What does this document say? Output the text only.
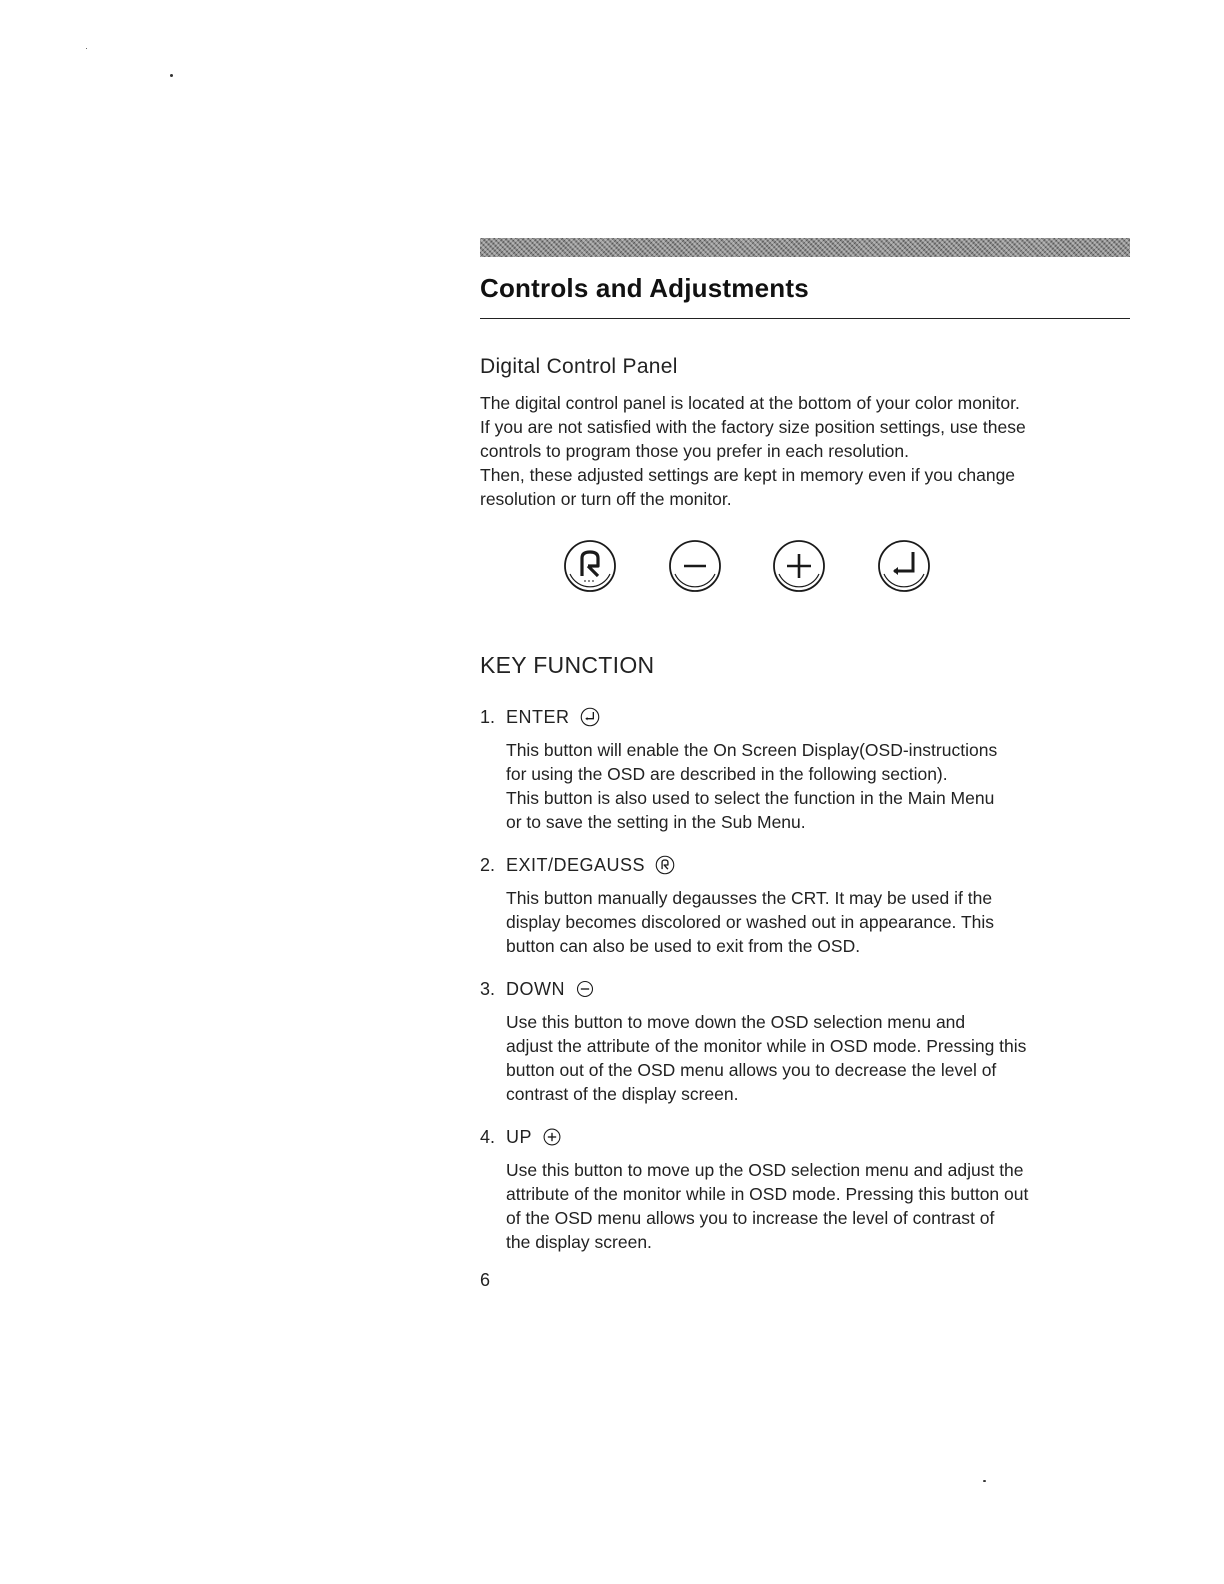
Controls and Adjustments
Digital Control Panel

The digital control panel is located at the bottom of your color monitor.

If you are not satisfied with the factory size position settings, use these

controls to program those you prefer in each resolution.

Then, these adjusted settings are kept in memory even if you change

resolution or turn off the monitor.

KEY FUNCTION
1. ENTER

This button will enable the On Screen Display(OSD-instructions

for using the OSD are described in the following section).

This button is also used to select the function in the Main Menu

or to save the setting in the Sub Menu.

2. EXIT/DEGAUSS

This button manually degausses the CRT. It may be used if the

display becomes discolored or washed out in appearance. This

button can also be used to exit from the OSD.

3. DOWN

Use this button to move down the OSD selection menu and

adjust the attribute of the monitor while in OSD mode. Pressing this

button out of the OSD menu allows you to decrease the level of

contrast of the display screen.

4. UP

Use this button to move up the OSD selection menu and adjust the

attribute of the monitor while in OSD mode. Pressing this button out

of the OSD menu allows you to increase the level of contrast of

the display screen.

6
